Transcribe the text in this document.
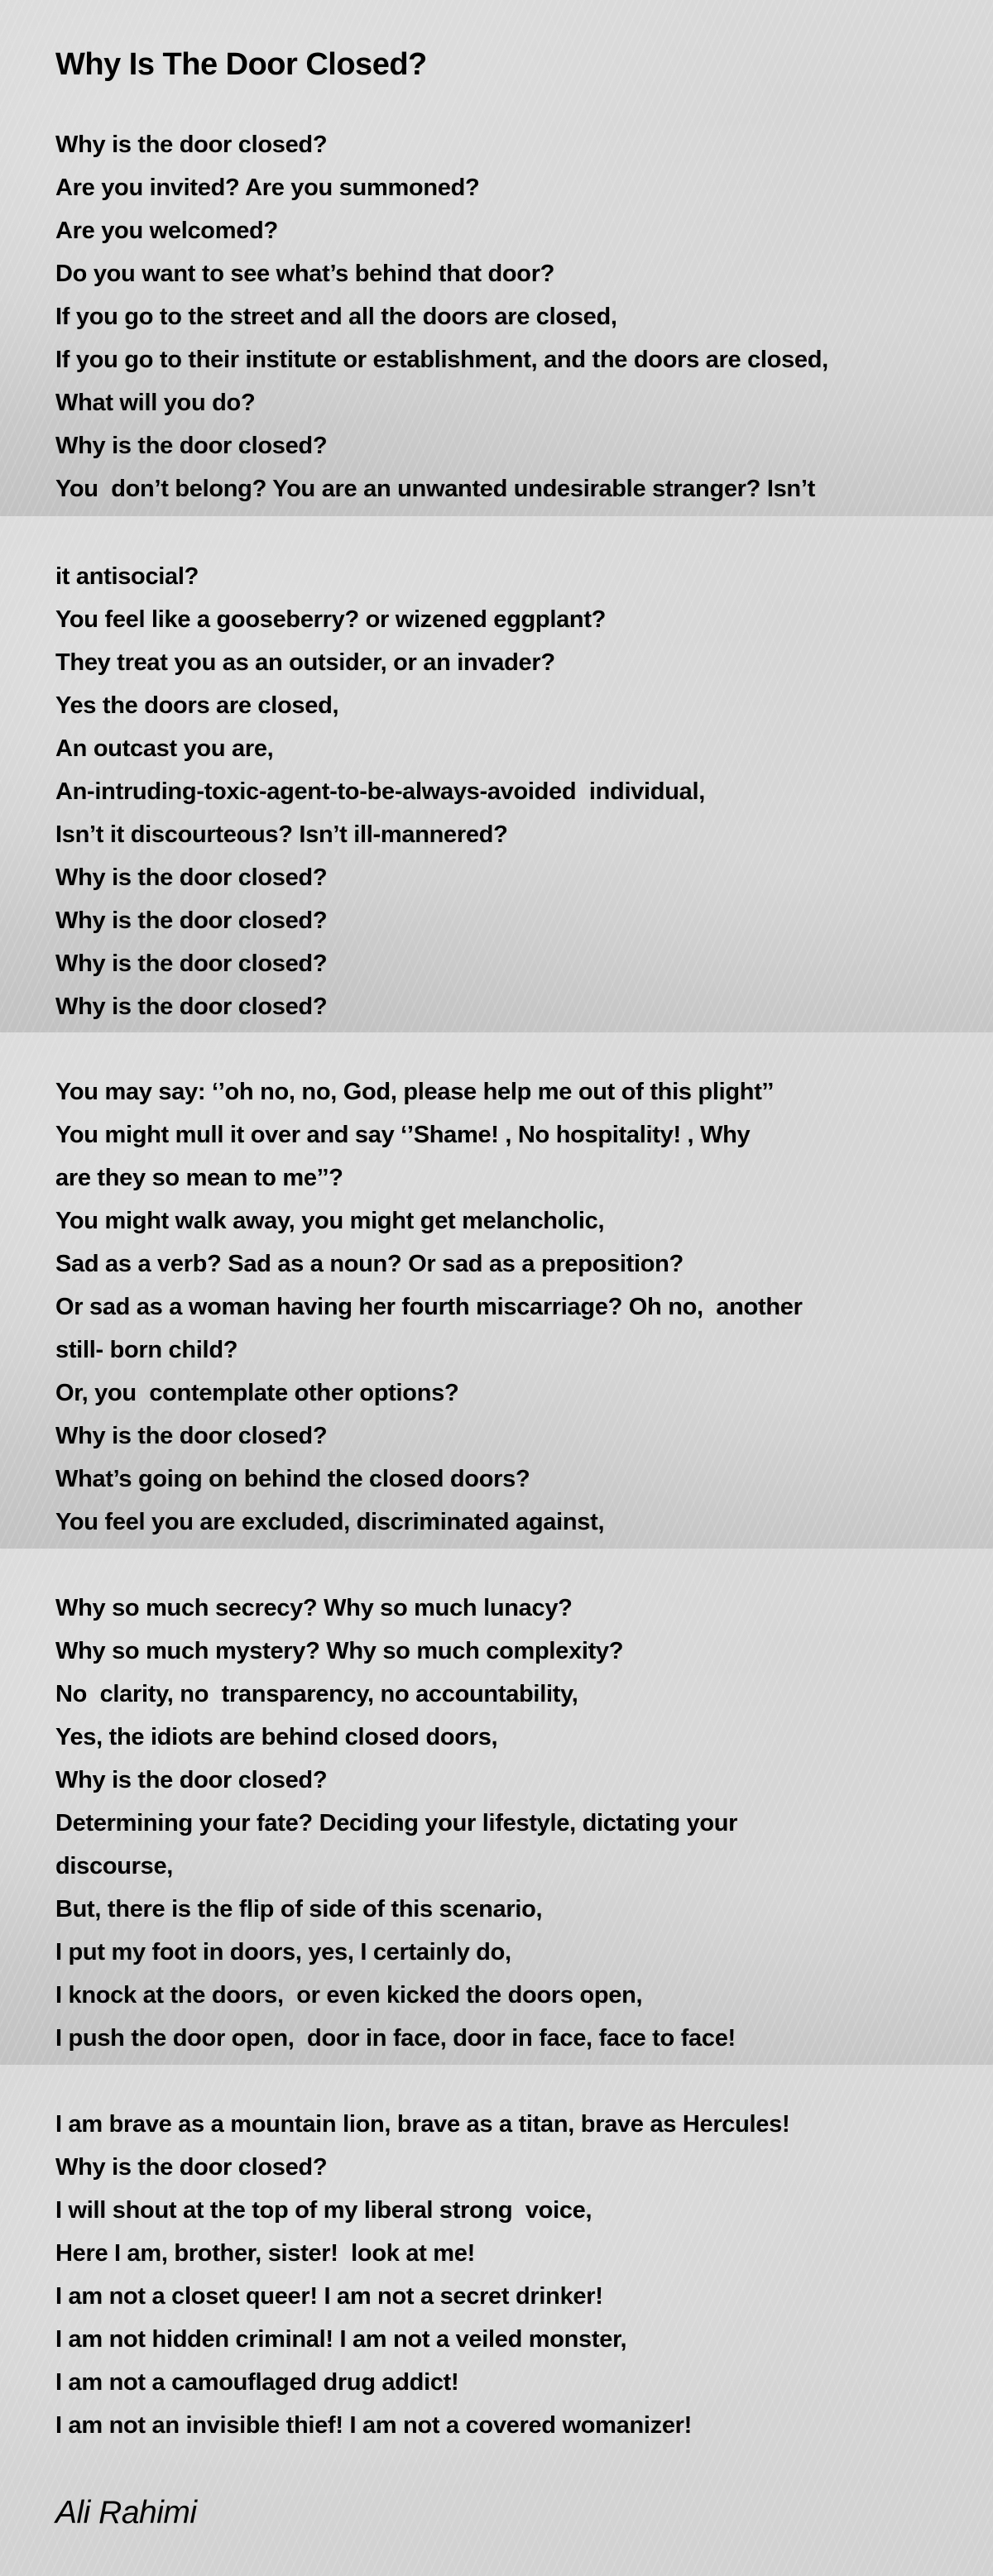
Why Is The Door Closed?
Why is the door closed?
Are you invited? Are you summoned?
Are you welcomed?
Do you want to see what’s behind that door?
If you go to the street and all the doors are closed,
If you go to their institute or establishment, and the doors are closed,
What will you do?
Why is the door closed?
You  don’t belong? You are an unwanted undesirable stranger? Isn’t
it antisocial?
You feel like a gooseberry? or wizened eggplant?
They treat you as an outsider, or an invader?
Yes the doors are closed,
An outcast you are,
An-intruding-toxic-agent-to-be-always-avoided  individual,
Isn’t it discourteous? Isn’t ill-mannered?
Why is the door closed?
Why is the door closed?
Why is the door closed?
Why is the door closed?
You may say: ‘’oh no, no, God, please help me out of this plight’’
You might mull it over and say ‘’Shame! , No hospitality! , Why
are they so mean to me’’?
You might walk away, you might get melancholic,
Sad as a verb? Sad as a noun? Or sad as a preposition?
Or sad as a woman having her fourth miscarriage? Oh no,  another
still- born child?
Or, you  contemplate other options?
Why is the door closed?
What’s going on behind the closed doors?
You feel you are excluded, discriminated against,
Why so much secrecy? Why so much lunacy?
Why so much mystery? Why so much complexity?
No  clarity, no  transparency, no accountability,
Yes, the idiots are behind closed doors,
Why is the door closed?
Determining your fate? Deciding your lifestyle, dictating your
discourse,
But, there is the flip of side of this scenario,
I put my foot in doors, yes, I certainly do,
I knock at the doors,  or even kicked the doors open,
I push the door open,  door in face, door in face, face to face!
I am brave as a mountain lion, brave as a titan, brave as Hercules!
Why is the door closed?
I will shout at the top of my liberal strong  voice,
Here I am, brother, sister!  look at me!
I am not a closet queer! I am not a secret drinker!
I am not hidden criminal! I am not a veiled monster,
I am not a camouflaged drug addict!
I am not an invisible thief! I am not a covered womanizer!
Ali Rahimi
